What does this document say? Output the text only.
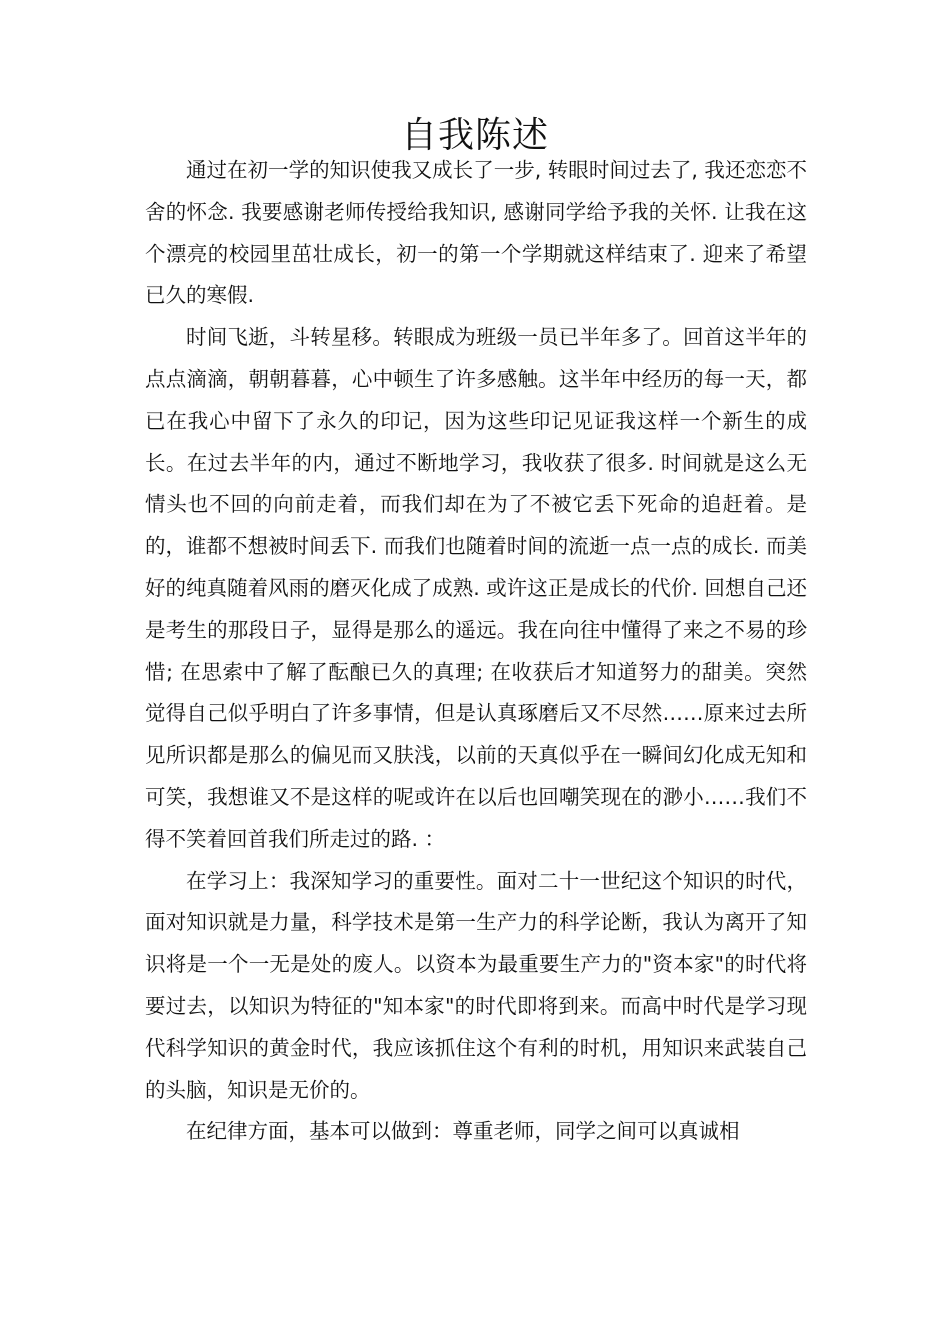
自我陈述

通过在初一学的知识使我又成长了一步, 转眼时间过去了, 我还恋恋不舍的怀念. 我要感谢老师传授给我知识, 感谢同学给予我的关怀. 让我在这个漂亮的校园里茁壮成长，初一的第一个学期就这样结束了. 迎来了希望已久的寒假.

时间飞逝，斗转星移。转眼成为班级一员已半年多了。回首这半年的点点滴滴，朝朝暮暮，心中顿生了许多感触。这半年中经历的每一天，都已在我心中留下了永久的印记，因为这些印记见证我这样一个新生的成长。在过去半年的内，通过不断地学习，我收获了很多. 时间就是这么无情头也不回的向前走着，而我们却在为了不被它丢下死命的追赶着。是的，谁都不想被时间丢下. 而我们也随着时间的流逝一点一点的成长. 而美好的纯真随着风雨的磨灭化成了成熟. 或许这正是成长的代价. 回想自己还是考生的那段日子，显得是那么的遥远。我在向往中懂得了来之不易的珍惜; 在思索中了解了酝酿已久的真理; 在收获后才知道努力的甜美。突然觉得自己似乎明白了许多事情，但是认真琢磨后又不尽然……原来过去所见所识都是那么的偏见而又肤浅，以前的天真似乎在一瞬间幻化成无知和可笑，我想谁又不是这样的呢或许在以后也回嘲笑现在的渺小……我们不得不笑着回首我们所走过的路. ：

在学习上：我深知学习的重要性。面对二十一世纪这个知识的时代，面对知识就是力量，科学技术是第一生产力的科学论断，我认为离开了知识将是一个一无是处的废人。以资本为最重要生产力的"资本家"的时代将要过去，以知识为特征的"知本家"的时代即将到来。而高中时代是学习现代科学知识的黄金时代，我应该抓住这个有利的时机，用知识来武装自己的头脑，知识是无价的。

在纪律方面，基本可以做到：尊重老师，同学之间可以真诚相
